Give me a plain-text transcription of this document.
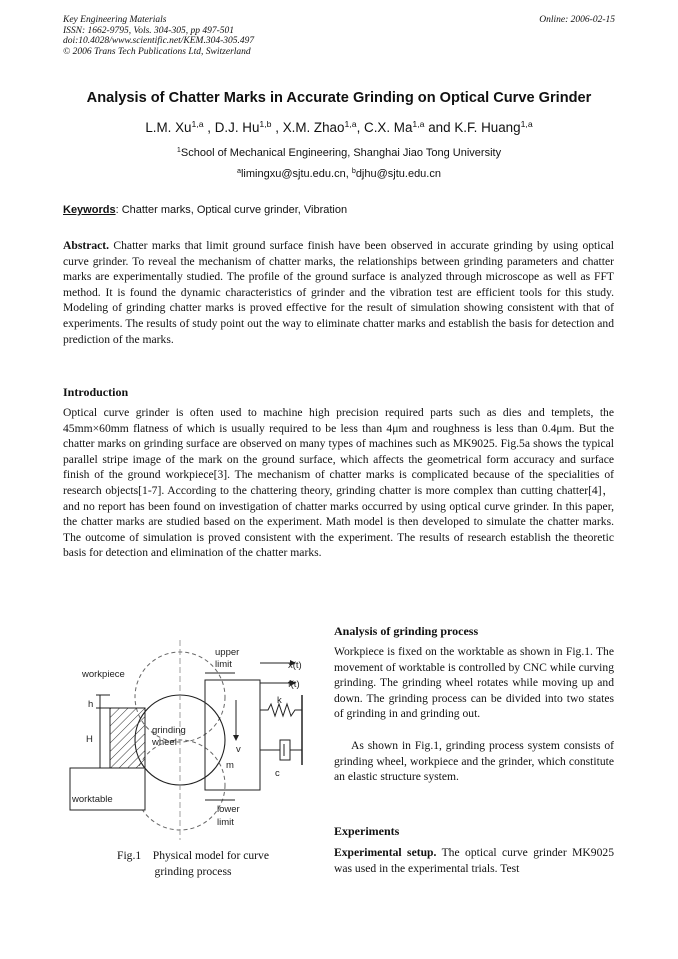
Key Engineering Materials
ISSN: 1662-9795, Vols. 304-305, pp 497-501
doi:10.4028/www.scientific.net/KEM.304-305.497
© 2006 Trans Tech Publications Ltd, Switzerland
Online: 2006-02-15
Analysis of Chatter Marks in Accurate Grinding on Optical Curve Grinder
L.M. Xu$^{1,a}$ , D.J. Hu$^{1,b}$ , X.M. Zhao$^{1,a}$, C.X. Ma$^{1,a}$ and K.F. Huang$^{1,a}$
$^1$School of Mechanical Engineering, Shanghai Jiao Tong University
$^a$limingxu@sjtu.edu.cn, $^b$djhu@sjtu.edu.cn
Keywords: Chatter marks, Optical curve grinder, Vibration

Abstract. Chatter marks that limit ground surface finish have been observed in accurate grinding by using optical curve grinder. To reveal the mechanism of chatter marks, the relationships between grinding parameters and chatter marks are experimentally studied. The profile of the ground surface is analyzed through microscope as well as FFT method. It is found the dynamic characteristics of grinder and the vibration test are efficient tools for this study. Modeling of grinding chatter marks is proved effective for the result of simulation showing consistent with that of experiments. The results of study point out the way to eliminate chatter marks and establish the basis for detection and prediction of the marks.

Introduction

Optical curve grinder is often used to machine high precision required parts such as dies and templets, the 45mm×60mm flatness of which is usually required to be less than 4μm and roughness is less than 0.4μm. But the chatter marks on grinding surface are observed on many types of machines such as MK9025. Fig.5a shows the typical parallel stripe image of the mark on the ground surface, which affects the geometrical form accuracy and surface finish of the ground workpiece[3]. The mechanism of chatter marks is complicated because of the specialities of research objects[1-7]. According to the chattering theory, grinding chatter is more complex than cutting chatter[4]，and no report has been found on investigation of chatter marks occurred by using optical curve grinder. In this paper, the chatter marks are studied based on the experiment. Math model is then developed to simulate the chatter marks. The outcome of simulation is proved consistent with the experiment. The results of research establish the theoretic basis for detection and elimination of the chatter marks.

upper
limit	x(t)
f(t)
workpiece
h
H
grinding
wheel
k
v
m
c
worktable
lower
limit
Fig.1    Physical model for curve
grinding process
Analysis of grinding process

Workpiece is fixed on the worktable as shown in Fig.1. The movement of worktable is controlled by CNC while curving grinding. The grinding wheel rotates while moving up and down. The grinding process can be divided into two states of grinding in and grinding out.

As shown in Fig.1, grinding process system consists of grinding wheel, workpiece and the grinder, which constitute an elastic structure system.

Experiments

Experimental setup. The optical curve grinder MK9025 was used in the experimental trials. Test
